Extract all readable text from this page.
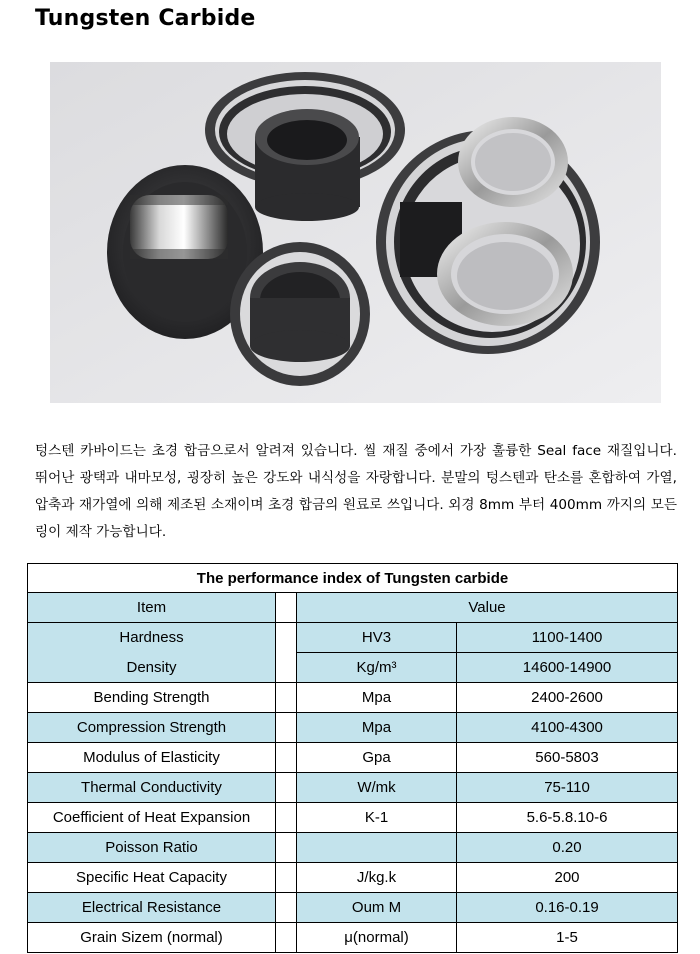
Tungsten Carbide

텅스텐 카바이드는 초경 합금으로서 알려져 있습니다. 씰 재질 중에서 가장 훌륭한 Seal face 재질입니다. 뛰어난 광택과 내마모성, 굉장히 높은 강도와 내식성을 자랑합니다. 분말의 텅스텐과 탄소를 혼합하여 가열, 압축과 재가열에 의해 제조된 소재이며 초경 합금의 원료로 쓰입니다. 외경 8mm 부터 400mm 까지의 모든 링이 제작 가능합니다.

The performance index of Tungsten carbide			
Item		Value	
Hardness		HV3	1100-1400
Density		Kg/m³	14600-14900
Bending Strength		Mpa	2400-2600
Compression Strength		Mpa	4100-4300
Modulus of Elasticity		Gpa	560-5803
Thermal Conductivity		W/mk	75-110
Coefficient of Heat Expansion		K-1	5.6-5.8.10-6
Poisson Ratio			0.20
Specific Heat Capacity		J/kg.k	200
Electrical Resistance		Oum M	0.16-0.19
Grain Sizem (normal)		μ(normal)	1-5
